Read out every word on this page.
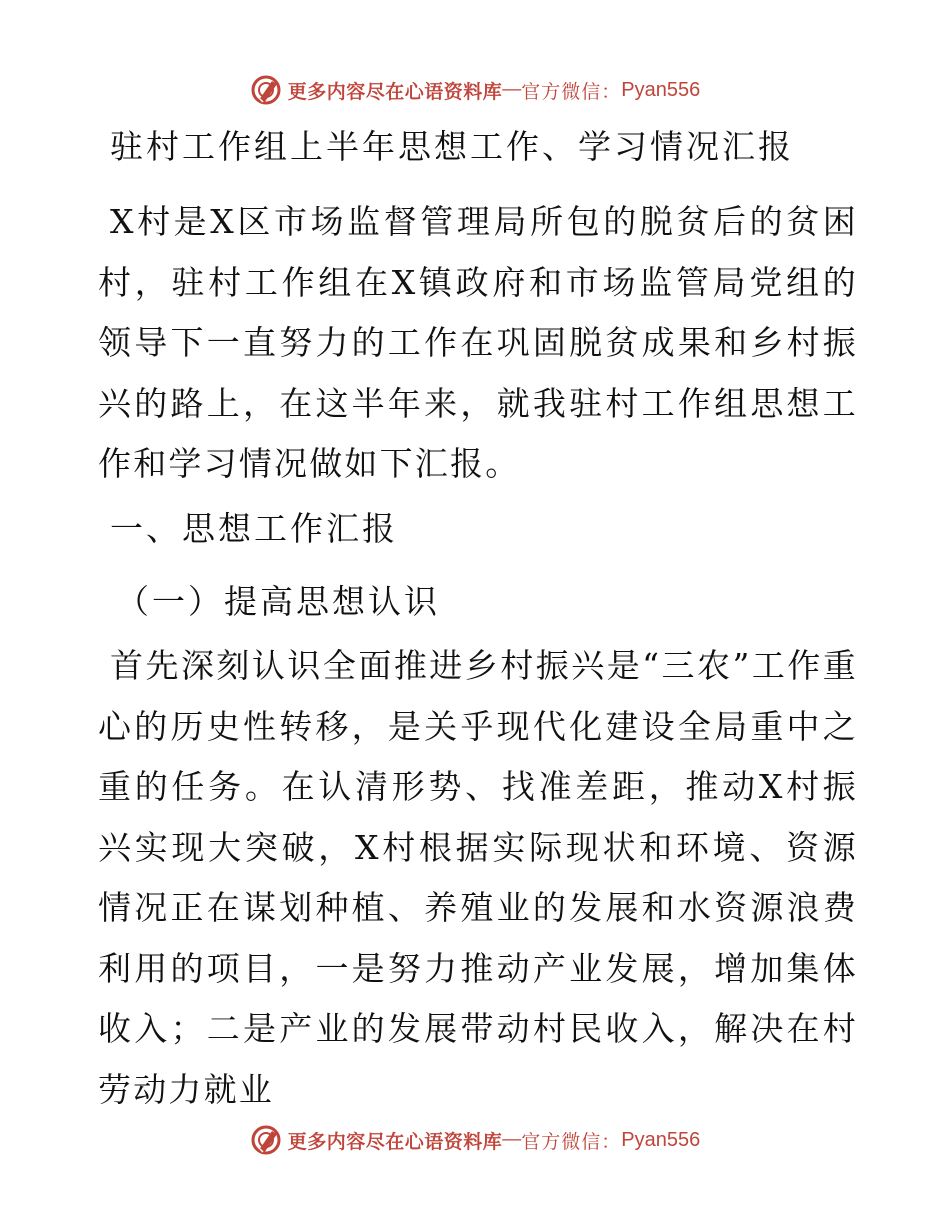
更多内容尽在心语资料库 — 官方微信： Pyan556
驻村工作组上半年思想工作、学习情况汇报
X村是X区市场监督管理局所包的脱贫后的贫困村，驻村工作组在X镇政府和市场监管局党组的领导下一直努力的工作在巩固脱贫成果和乡村振兴的路上，在这半年来，就我驻村工作组思想工作和学习情况做如下汇报。
一、思想工作汇报
（一）提高思想认识
首先深刻认识全面推进乡村振兴是“三农”工作重心的历史性转移，是关乎现代化建设全局重中之重的任务。在认清形势、找准差距，推动X村振兴实现大突破，X村根据实际现状和环境、资源情况正在谋划种植、养殖业的发展和水资源浪费利用的项目，一是努力推动产业发展，增加集体收入；二是产业的发展带动村民收入，解决在村劳动力就业
更多内容尽在心语资料库 — 官方微信： Pyan556
